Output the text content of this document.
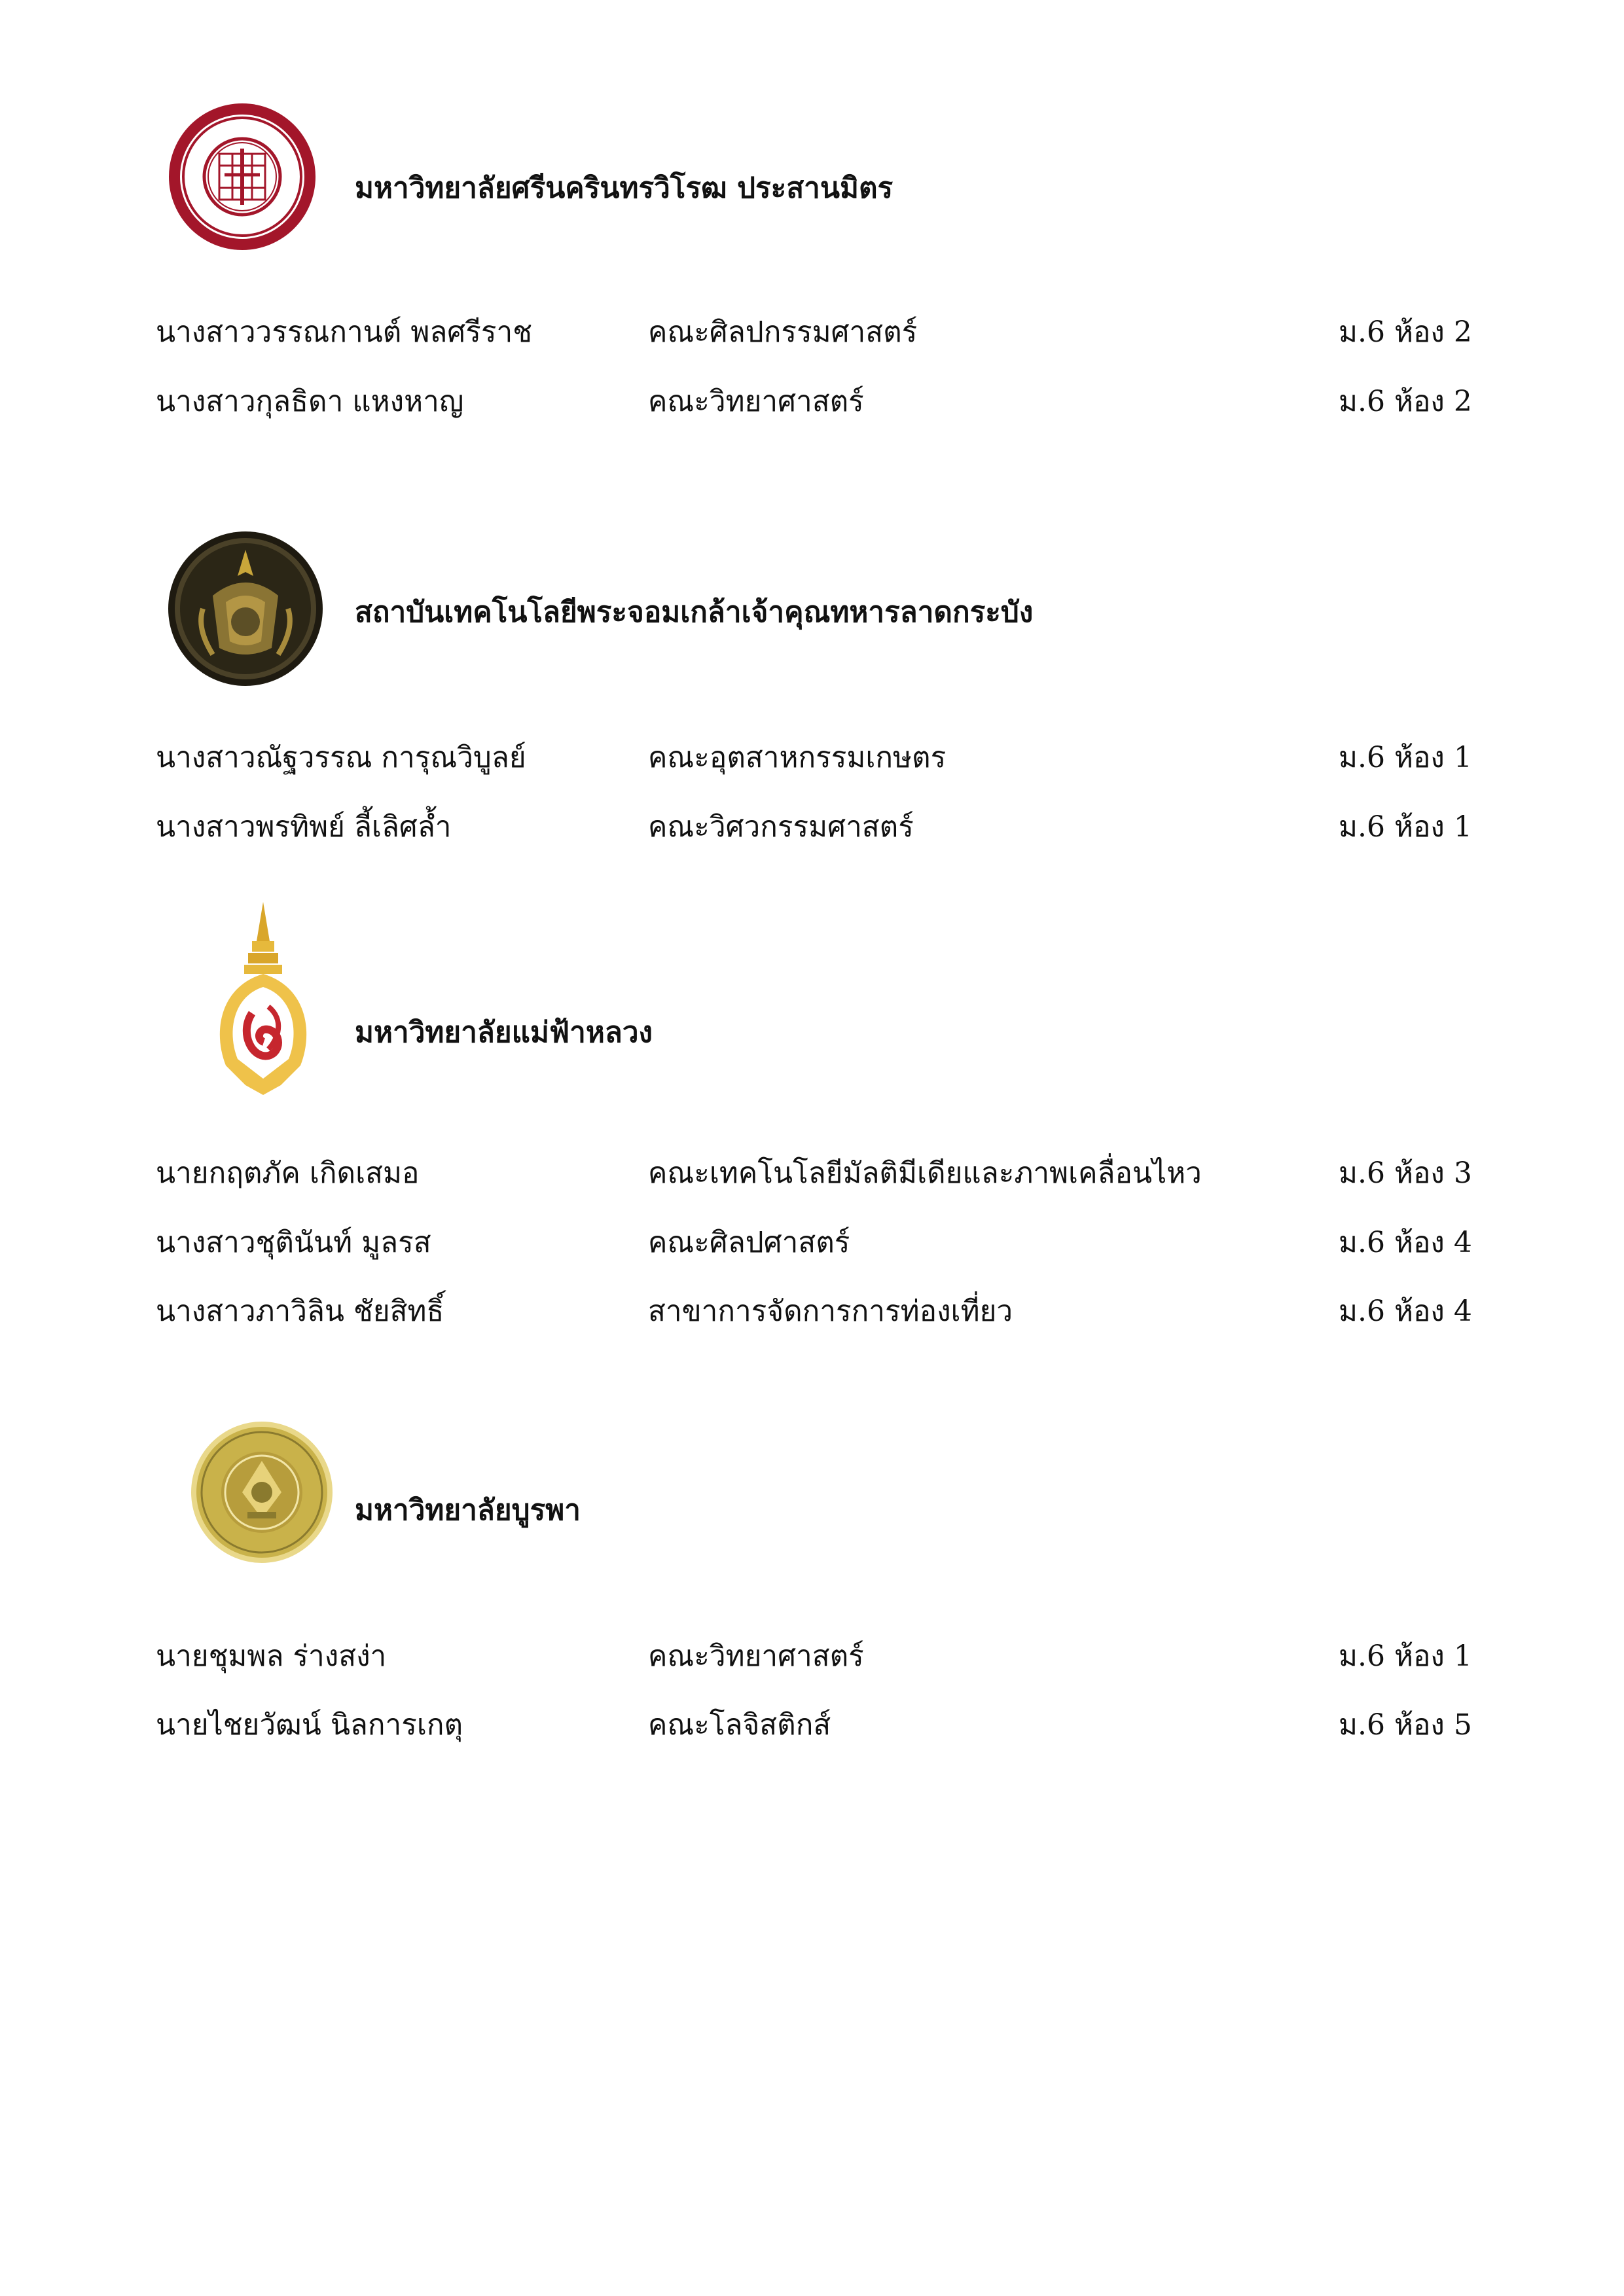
มหาวิทยาลัยศรีนครินทรวิโรฒ ประสานมิตร
นางสาววรรณกานต์ พลศรีราช	คณะศิลปกรรมศาสตร์	ม.6 ห้อง 2
นางสาวกุลธิดา แหงหาญ	คณะวิทยาศาสตร์	ม.6 ห้อง 2
สถาบันเทคโนโลยีพระจอมเกล้าเจ้าคุณทหารลาดกระบัง
นางสาวณัฐวรรณ การุณวิบูลย์	คณะอุตสาหกรรมเกษตร	ม.6 ห้อง 1
นางสาวพรทิพย์ ลี้เลิศล้ำ	คณะวิศวกรรมศาสตร์	ม.6 ห้อง 1
มหาวิทยาลัยแม่ฟ้าหลวง
นายกฤตภัค เกิดเสมอ	คณะเทคโนโลยีมัลติมีเดียและภาพเคลื่อนไหว	ม.6 ห้อง 3
นางสาวชุตินันท์ มูลรส	คณะศิลปศาสตร์	ม.6 ห้อง 4
นางสาวภาวิลิน ชัยสิทธิ์	สาขาการจัดการการท่องเที่ยว	ม.6 ห้อง 4
มหาวิทยาลัยบูรพา
นายชุมพล ร่างสง่า	คณะวิทยาศาสตร์	ม.6 ห้อง 1
นายไชยวัฒน์ นิลการเกตุ	คณะโลจิสติกส์	ม.6 ห้อง 5
